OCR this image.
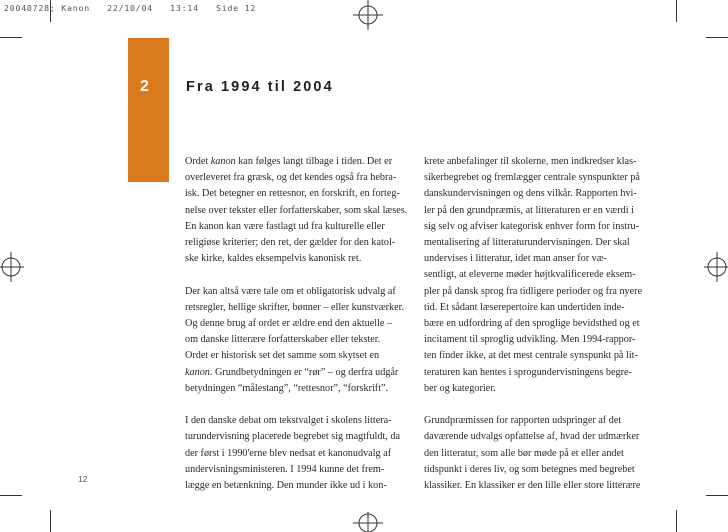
20040728; Kanon   22/10/04   13:14   Side 12
2	Fra 1994 til 2004
Ordet kanon kan følges langt tilbage i tiden. Det er
overleveret fra græsk, og det kendes også fra hebra-
isk. Det betegner en rettesnor, en forskrift, en forteg-
nelse over tekster eller forfatterskaber, som skal læses.
En kanon kan være fastlagt ud fra kulturelle eller
religiøse kriterier; den ret, der gælder for den katol-
ske kirke, kaldes eksempelvis kanonisk ret.
Der kan altså være tale om et obligatorisk udvalg af
retsregler, hellige skrifter, bønner – eller kunstværker.
Og denne brug af ordet er ældre end den aktuelle –
om danske litterære forfatterskaber eller tekster.
Ordet er historisk set det samme som skytset en
kanon. Grundbetydningen er “rør” – og derfra udgår
betydningen “målestang”, “rettesnor”, “forskrift”.
I den danske debat om tekstvalget i skolens littera-
turundervisning placerede begrebet sig magtfuldt, da
der først i 1990'erne blev nedsat et kanonudvalg af
undervisningsministeren. I 1994 kunne det frem-
lægge en betænkning. Den munder ikke ud i kon-
krete anbefalinger til skolerne, men indkredser klas-
sikerbegrebet og fremlægger centrale synspunkter på
danskundervisningen og dens vilkår. Rapporten hvi-
ler på den grundpræmis, at litteraturen er en værdi i
sig selv og afviser kategorisk enhver form for instru-
mentalisering af litteraturundervisningen. Der skal
undervises i litteratur, idet man anser for væ-
sentligt, at eleverne møder højtkvalificerede eksem-
pler på dansk sprog fra tidligere perioder og fra nyere
tid. Et sådant læserepertoire kan undertiden inde-
bære en udfordring af den sproglige bevidsthed og et
incitament til sproglig udvikling. Men 1994-rappor-
ten finder ikke, at det mest centrale synspunkt på lit-
teraturen kan hentes i sprogundervisningens begre-
ber og kategorier.
Grundpræmissen for rapporten udspringer af det
daværende udvalgs opfattelse af, hvad der udmærker
den litteratur, som alle bør møde på et eller andet
tidspunkt i deres liv, og som betegnes med begrebet
klassiker. En klassiker er den lille eller store litterære
12
